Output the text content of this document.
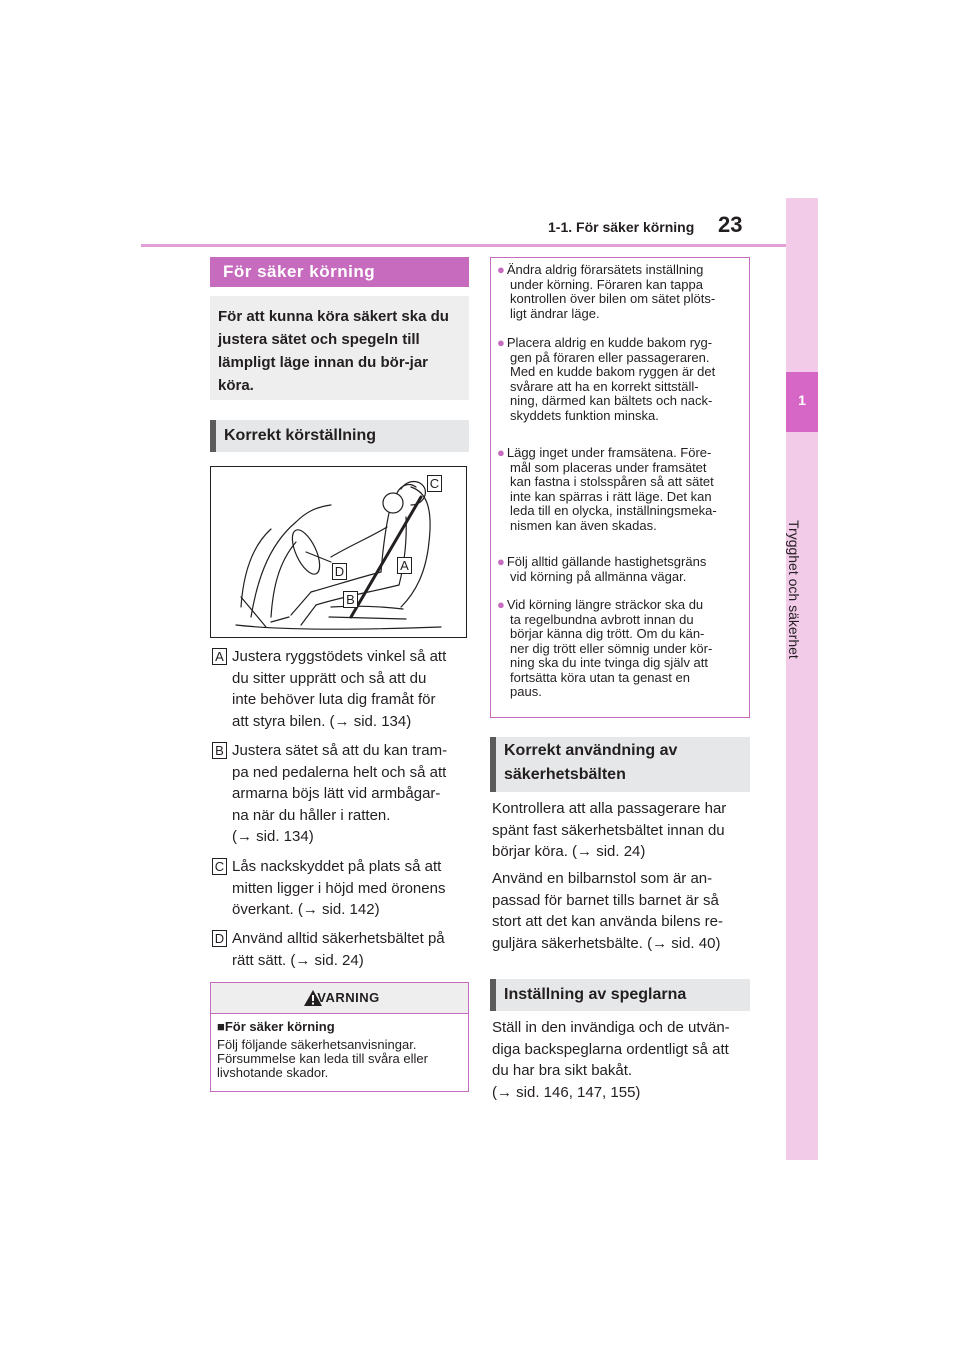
1-1. För säker körning 23
1
Trygghet och säkerhet
För säker körning

För att kunna köra säkert ska du justera sätet och spegeln till lämpligt läge innan du bör-jar köra.

Korrekt körställning
C
D	A
B
A Justera ryggstödets vinkel så att
du sitter upprätt och så att du
inte behöver luta dig framåt för
att styra bilen. (→ sid. 134)
B Justera sätet så att du kan tram-
pa ned pedalerna helt och så att
armarna böjs lätt vid armbågar-
na när du håller i ratten.
(→ sid. 134)
C Lås nackskyddet på plats så att
mitten ligger i höjd med öronens
överkant. (→ sid. 142)
D Använd alltid säkerhetsbältet på
rätt sätt. (→ sid. 24)
VARNING
■För säker körning
Följ följande säkerhetsanvisningar.
Försummelse kan leda till svåra eller
livshotande skador.
● Ändra aldrig förarsätets inställning
under körning. Föraren kan tappa
kontrollen över bilen om sätet plöts-
ligt ändrar läge.
● Placera aldrig en kudde bakom ryg-
gen på föraren eller passageraren.
Med en kudde bakom ryggen är det
svårare att ha en korrekt sittställ-
ning, därmed kan bältets och nack-
skyddets funktion minska.
● Lägg inget under framsätena. Före-
mål som placeras under framsätet
kan fastna i stolsspåren så att sätet
inte kan spärras i rätt läge. Det kan
leda till en olycka, inställningsmeka-
nismen kan även skadas.
● Följ alltid gällande hastighetsgräns
vid körning på allmänna vägar.
● Vid körning längre sträckor ska du
ta regelbundna avbrott innan du
börjar känna dig trött. Om du kän-
ner dig trött eller sömnig under kör-
ning ska du inte tvinga dig själv att
fortsätta köra utan ta genast en
paus.
Korrekt användning av
säkerhetsbälten
Kontrollera att alla passagerare har
spänt fast säkerhetsbältet innan du
börjar köra. (→ sid. 24)
Använd en bilbarnstol som är an-
passad för barnet tills barnet är så
stort att det kan använda bilens re-
guljära säkerhetsbälte. (→ sid. 40)
Inställning av speglarna
Ställ in den invändiga och de utvän-
diga backspeglarna ordentligt så att
du har bra sikt bakåt.
(→ sid. 146, 147, 155)
